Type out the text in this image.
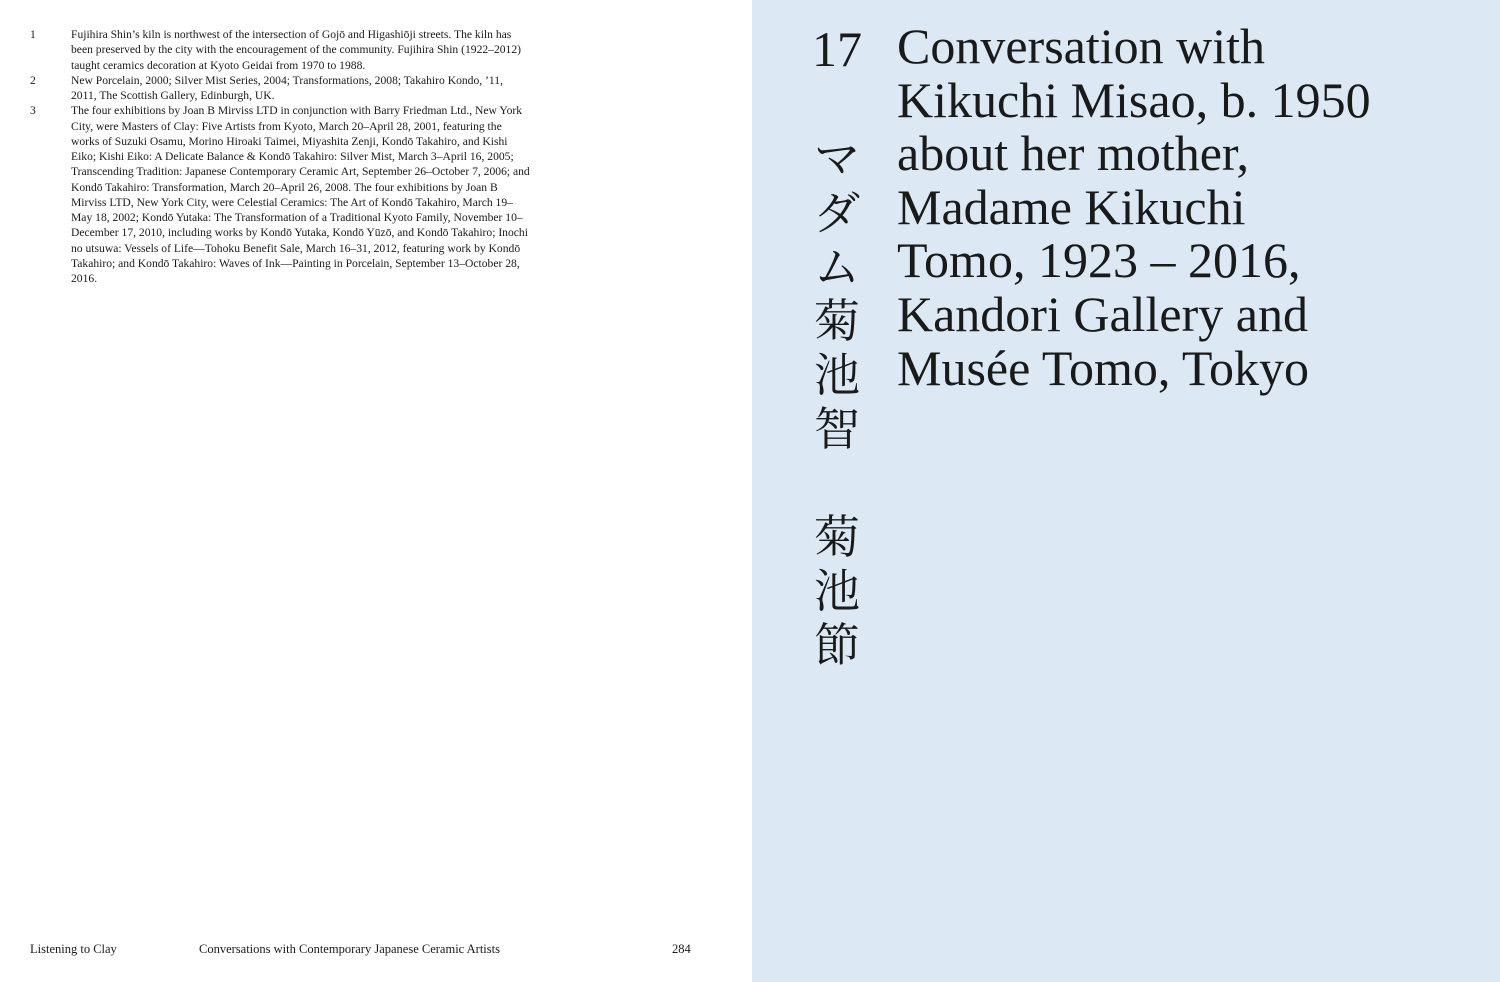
1	Fujihira Shin’s kiln is northwest of the intersection of Gojō and Higashiōji streets. The kiln has been preserved by the city with the encouragement of the community. Fujihira Shin (1922–2012) taught ceramics decoration at Kyoto Geidai from 1970 to 1988.
2	New Porcelain, 2000; Silver Mist Series, 2004; Transformations, 2008; Takahiro Kondo, ’11, 2011, The Scottish Gallery, Edinburgh, UK.
3	The four exhibitions by Joan B Mirviss LTD in conjunction with Barry Friedman Ltd., New York City, were Masters of Clay: Five Artists from Kyoto, March 20–April 28, 2001, featuring the works of Suzuki Osamu, Morino Hiroaki Taimei, Miyashita Zenji, Kondō Takahiro, and Kishi Eiko; Kishi Eiko: A Delicate Balance & Kondō Takahiro: Silver Mist, March 3–April 16, 2005; Transcending Tradition: Japanese Contemporary Ceramic Art, September 26–October 7, 2006; and Kondō Takahiro: Transformation, March 20–April 26, 2008. The four exhibitions by Joan B Mirviss LTD, New York City, were Celestial Ceramics: The Art of Kondō Takahiro, March 19–May 18, 2002; Kondō Yutaka: The Transformation of a Traditional Kyoto Family, November 10–December 17, 2010, including works by Kondō Yutaka, Kondō Yūzō, and Kondō Takahiro; Inochi no utsuwa: Vessels of Life—Tohoku Benefit Sale, March 16–31, 2012, featuring work by Kondō Takahiro; and Kondō Takahiro: Waves of Ink—Painting in Porcelain, September 13–October 28, 2016.
Listening to Clay	Conversations with Contemporary Japanese Ceramic Artists	284
17
マ
ダ
ム
菊
池
智
菊
池
節
Conversation with
Kikuchi Misao, b. 1950
about her mother,
Madame Kikuchi
Tomo, 1923 – 2016,
Kandori Gallery and
Musée Tomo, Tokyo
